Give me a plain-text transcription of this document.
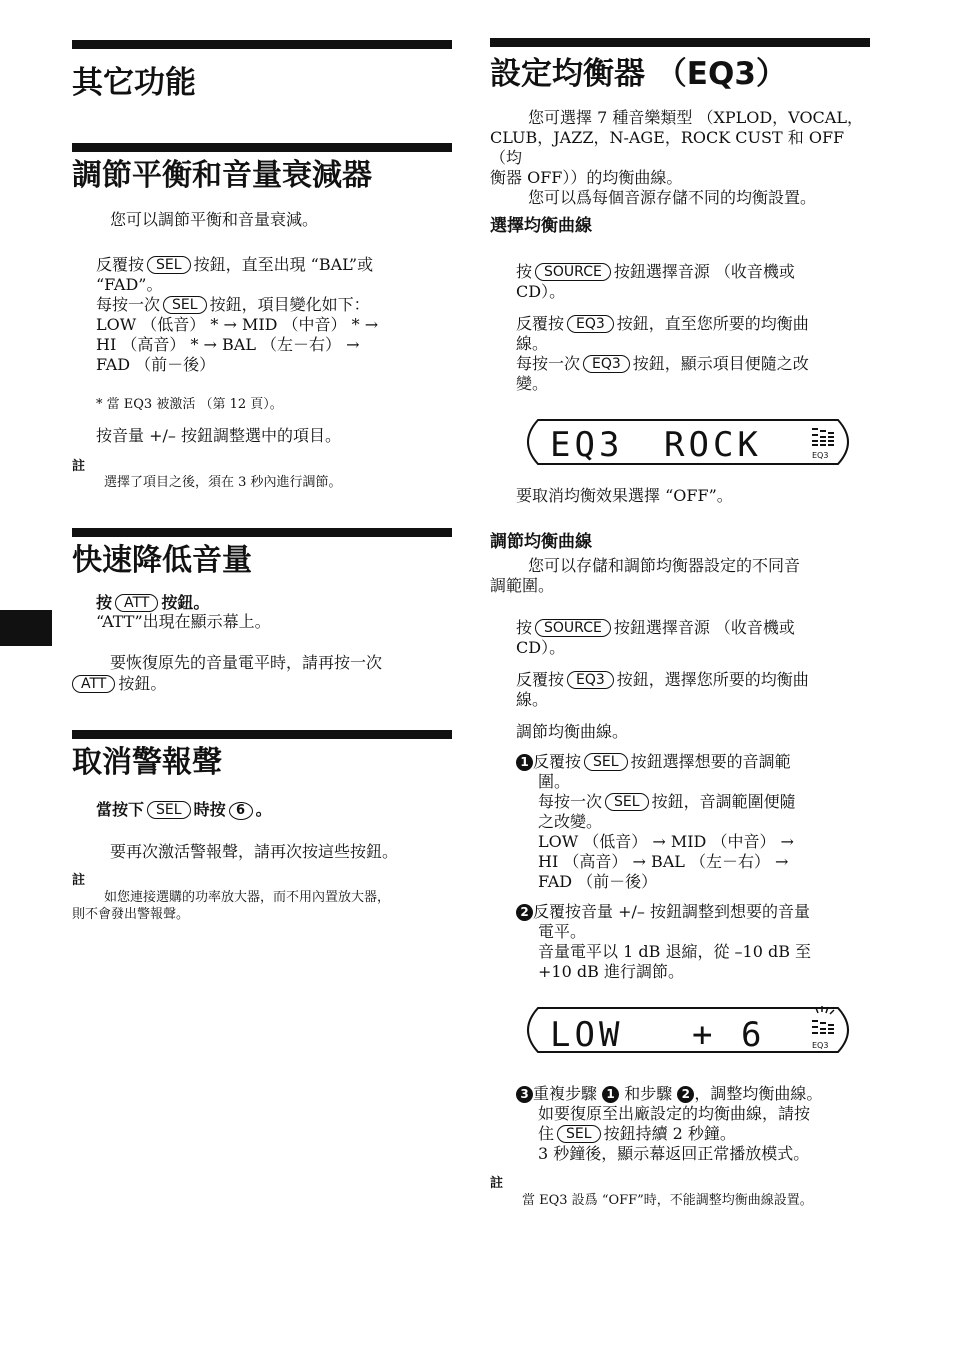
其它功能
調節平衡和音量衰減器
您可以調節平衡和音量衰減。
反覆按 SEL 按鈕，直至出現 “BAL”或
“FAD”。
每按一次 SEL 按鈕，項目變化如下：
LOW （低音） * → MID （中音） * →
HI （高音） * → BAL （左－右） →
FAD （前－後）
* 當 EQ3 被激活 （第 12 頁）。
按音量 +/– 按鈕調整選中的項目。
註
選擇了項目之後，須在 3 秒內進行調節。
快速降低音量
按 ATT 按鈕。
“ATT”出現在顯示幕上。
要恢復原先的音量電平時，請再按一次
ATT 按鈕。
取消警報聲
當按下 SEL 時按 6 。
要再次激活警報聲，請再次按這些按鈕。
註
如您連接選購的功率放大器，而不用內置放大器，
則不會發出警報聲。
設定均衡器 （EQ3）
您可選擇 7 種音樂類型 （XPLOD，VOCAL，
CLUB，JAZZ，N-AGE，ROCK CUST 和 OFF （均
衡器 OFF））的均衡曲線。
您可以爲每個音源存儲不同的均衡設置。
選擇均衡曲線
按 SOURCE 按鈕選擇音源 （收音機或
CD）。
反覆按 EQ3 按鈕，直至您所要的均衡曲
線。
每按一次 EQ3 按鈕，顯示項目便隨之改
變。
EQ3 ROCK	EQ3
要取消均衡效果選擇 “OFF”。
調節均衡曲線
您可以存儲和調節均衡器設定的不同音
調範圍。
按 SOURCE 按鈕選擇音源 （收音機或
CD）。
反覆按 EQ3 按鈕，選擇您所要的均衡曲
線。
調節均衡曲線。
1 反覆按 SEL 按鈕選擇想要的音調範
圍。
每按一次 SEL 按鈕，音調範圍便隨
之改變。
LOW （低音） → MID （中音） →
HI （高音） → BAL （左－右） →
FAD （前－後）
2 反覆按音量 +/– 按鈕調整到想要的音量
電平。
音量電平以 1 dB 退縮，從 –10 dB 至
+10 dB 進行調節。
LOW + 6	EQ3
3 重複步驟 1 和步驟 2 ，調整均衡曲線。
如要復原至出廠設定的均衡曲線，請按
住 SEL 按鈕持續 2 秒鐘。
3 秒鐘後，顯示幕返回正常播放模式。
註
當 EQ3 設爲 “OFF”時，不能調整均衡曲線設置。
